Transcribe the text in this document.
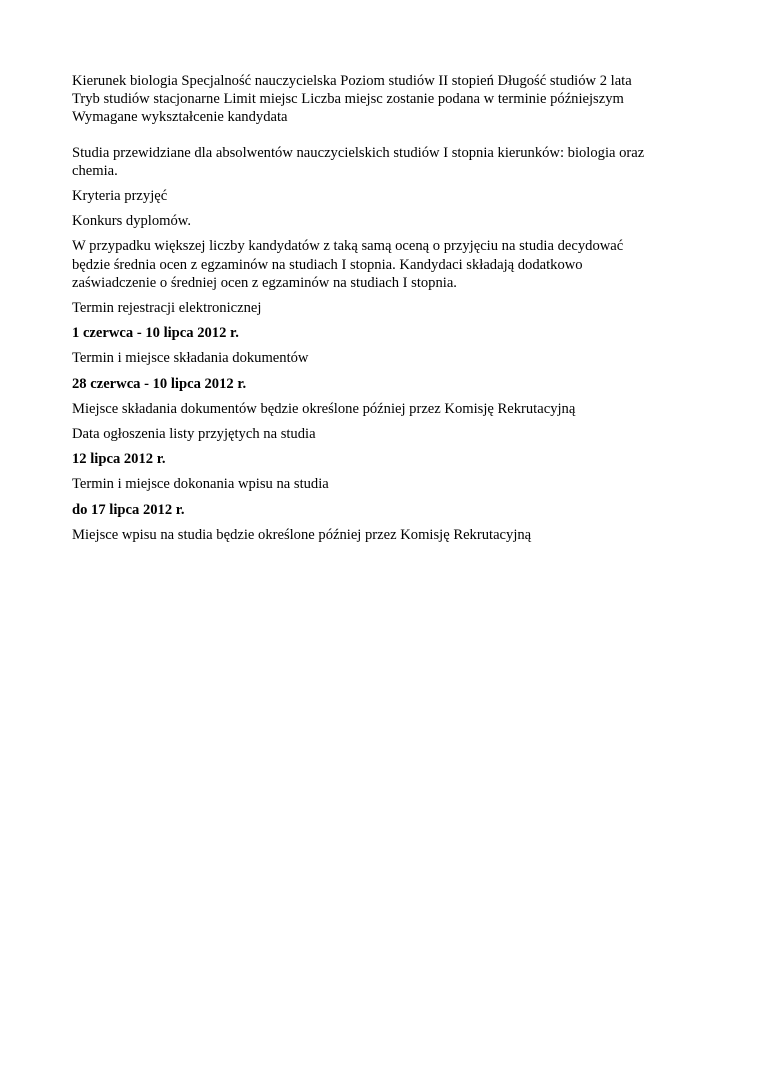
Kierunek biologia Specjalność nauczycielska Poziom studiów II stopień Długość studiów 2 lata
Tryb studiów stacjonarne Limit miejsc Liczba miejsc zostanie podana w terminie późniejszym
Wymagane wykształcenie kandydata
Studia przewidziane dla absolwentów nauczycielskich studiów I stopnia kierunków: biologia oraz
chemia.
Kryteria przyjęć
Konkurs dyplomów.
W przypadku większej liczby kandydatów z taką samą oceną o przyjęciu na studia decydować
będzie średnia ocen z egzaminów na studiach I stopnia. Kandydaci składają dodatkowo
zaświadczenie o średniej ocen z egzaminów na studiach I stopnia.
Termin rejestracji elektronicznej
1 czerwca - 10 lipca 2012 r.
Termin i miejsce składania dokumentów
28 czerwca - 10 lipca 2012 r.
Miejsce składania dokumentów będzie określone później przez Komisję Rekrutacyjną
Data ogłoszenia listy przyjętych na studia
12 lipca 2012 r.
Termin i miejsce dokonania wpisu na studia
do 17 lipca 2012 r.
Miejsce wpisu na studia będzie określone później przez Komisję Rekrutacyjną
